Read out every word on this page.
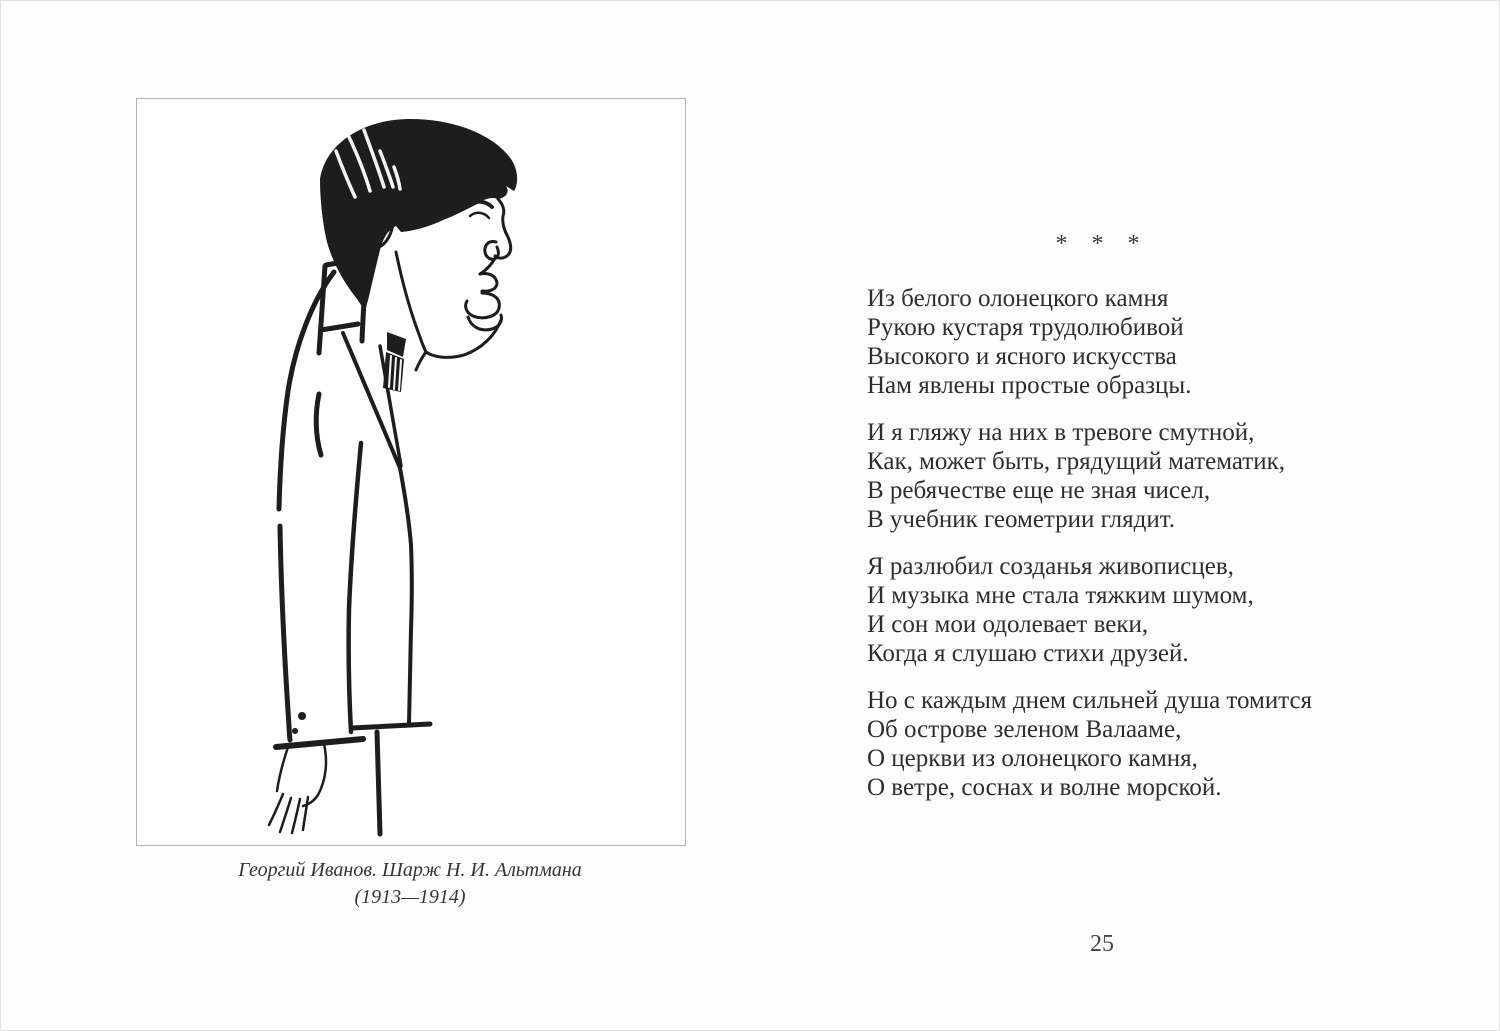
Георгий Иванов. Шарж Н. И. Альтмана
(1913—1914)
* * *
Из белого олонецкого камня
Рукою кустаря трудолюбивой
Высокого и ясного искусства
Нам явлены простые образцы.
И я гляжу на них в тревоге смутной,
Как, может быть, грядущий математик,
В ребячестве еще не зная чисел,
В учебник геометрии глядит.
Я разлюбил созданья живописцев,
И музыка мне стала тяжким шумом,
И сон мои одолевает веки,
Когда я слушаю стихи друзей.
Но с каждым днем сильней душа томится
Об острове зеленом Валааме,
О церкви из олонецкого камня,
О ветре, соснах и волне морской.
25
